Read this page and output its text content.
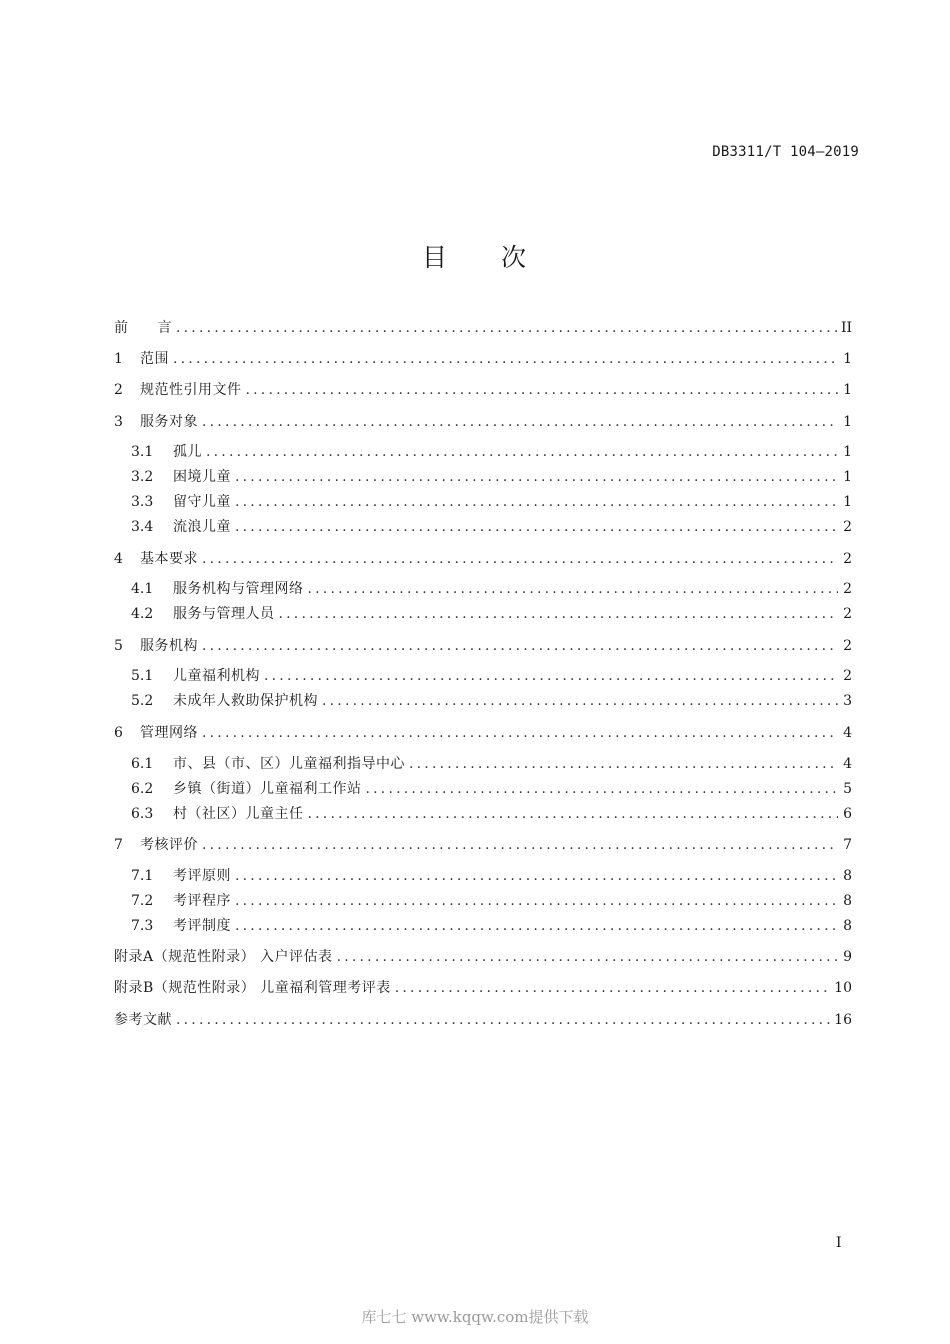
DB3311/T 104—2019
目 次
前　　言 .....	II
1	范围 .....	1
2	规范性引用文件 .....	1
3	服务对象 .....	1
3.1	孤儿 .....	1
3.2	困境儿童 .....	1
3.3	留守儿童 .....	1
3.4	流浪儿童 .....	2
4	基本要求 .....	2
4.1	服务机构与管理网络 .....	2
4.2	服务与管理人员 .....	2
5	服务机构 .....	2
5.1	儿童福利机构 .....	2
5.2	未成年人救助保护机构 .....	3
6	管理网络 .....	4
6.1	市、县（市、区）儿童福利指导中心 .....	4
6.2	乡镇（街道）儿童福利工作站 .....	5
6.3	村（社区）儿童主任 .....	6
7	考核评价 .....	7
7.1	考评原则 .....	8
7.2	考评程序 .....	8
7.3	考评制度 .....	8
附录A（规范性附录） 入户评估表 .....	9
附录B（规范性附录） 儿童福利管理考评表 .....	10
参考文献 .....	16
I
库七七 www.kqqw.com提供下载
